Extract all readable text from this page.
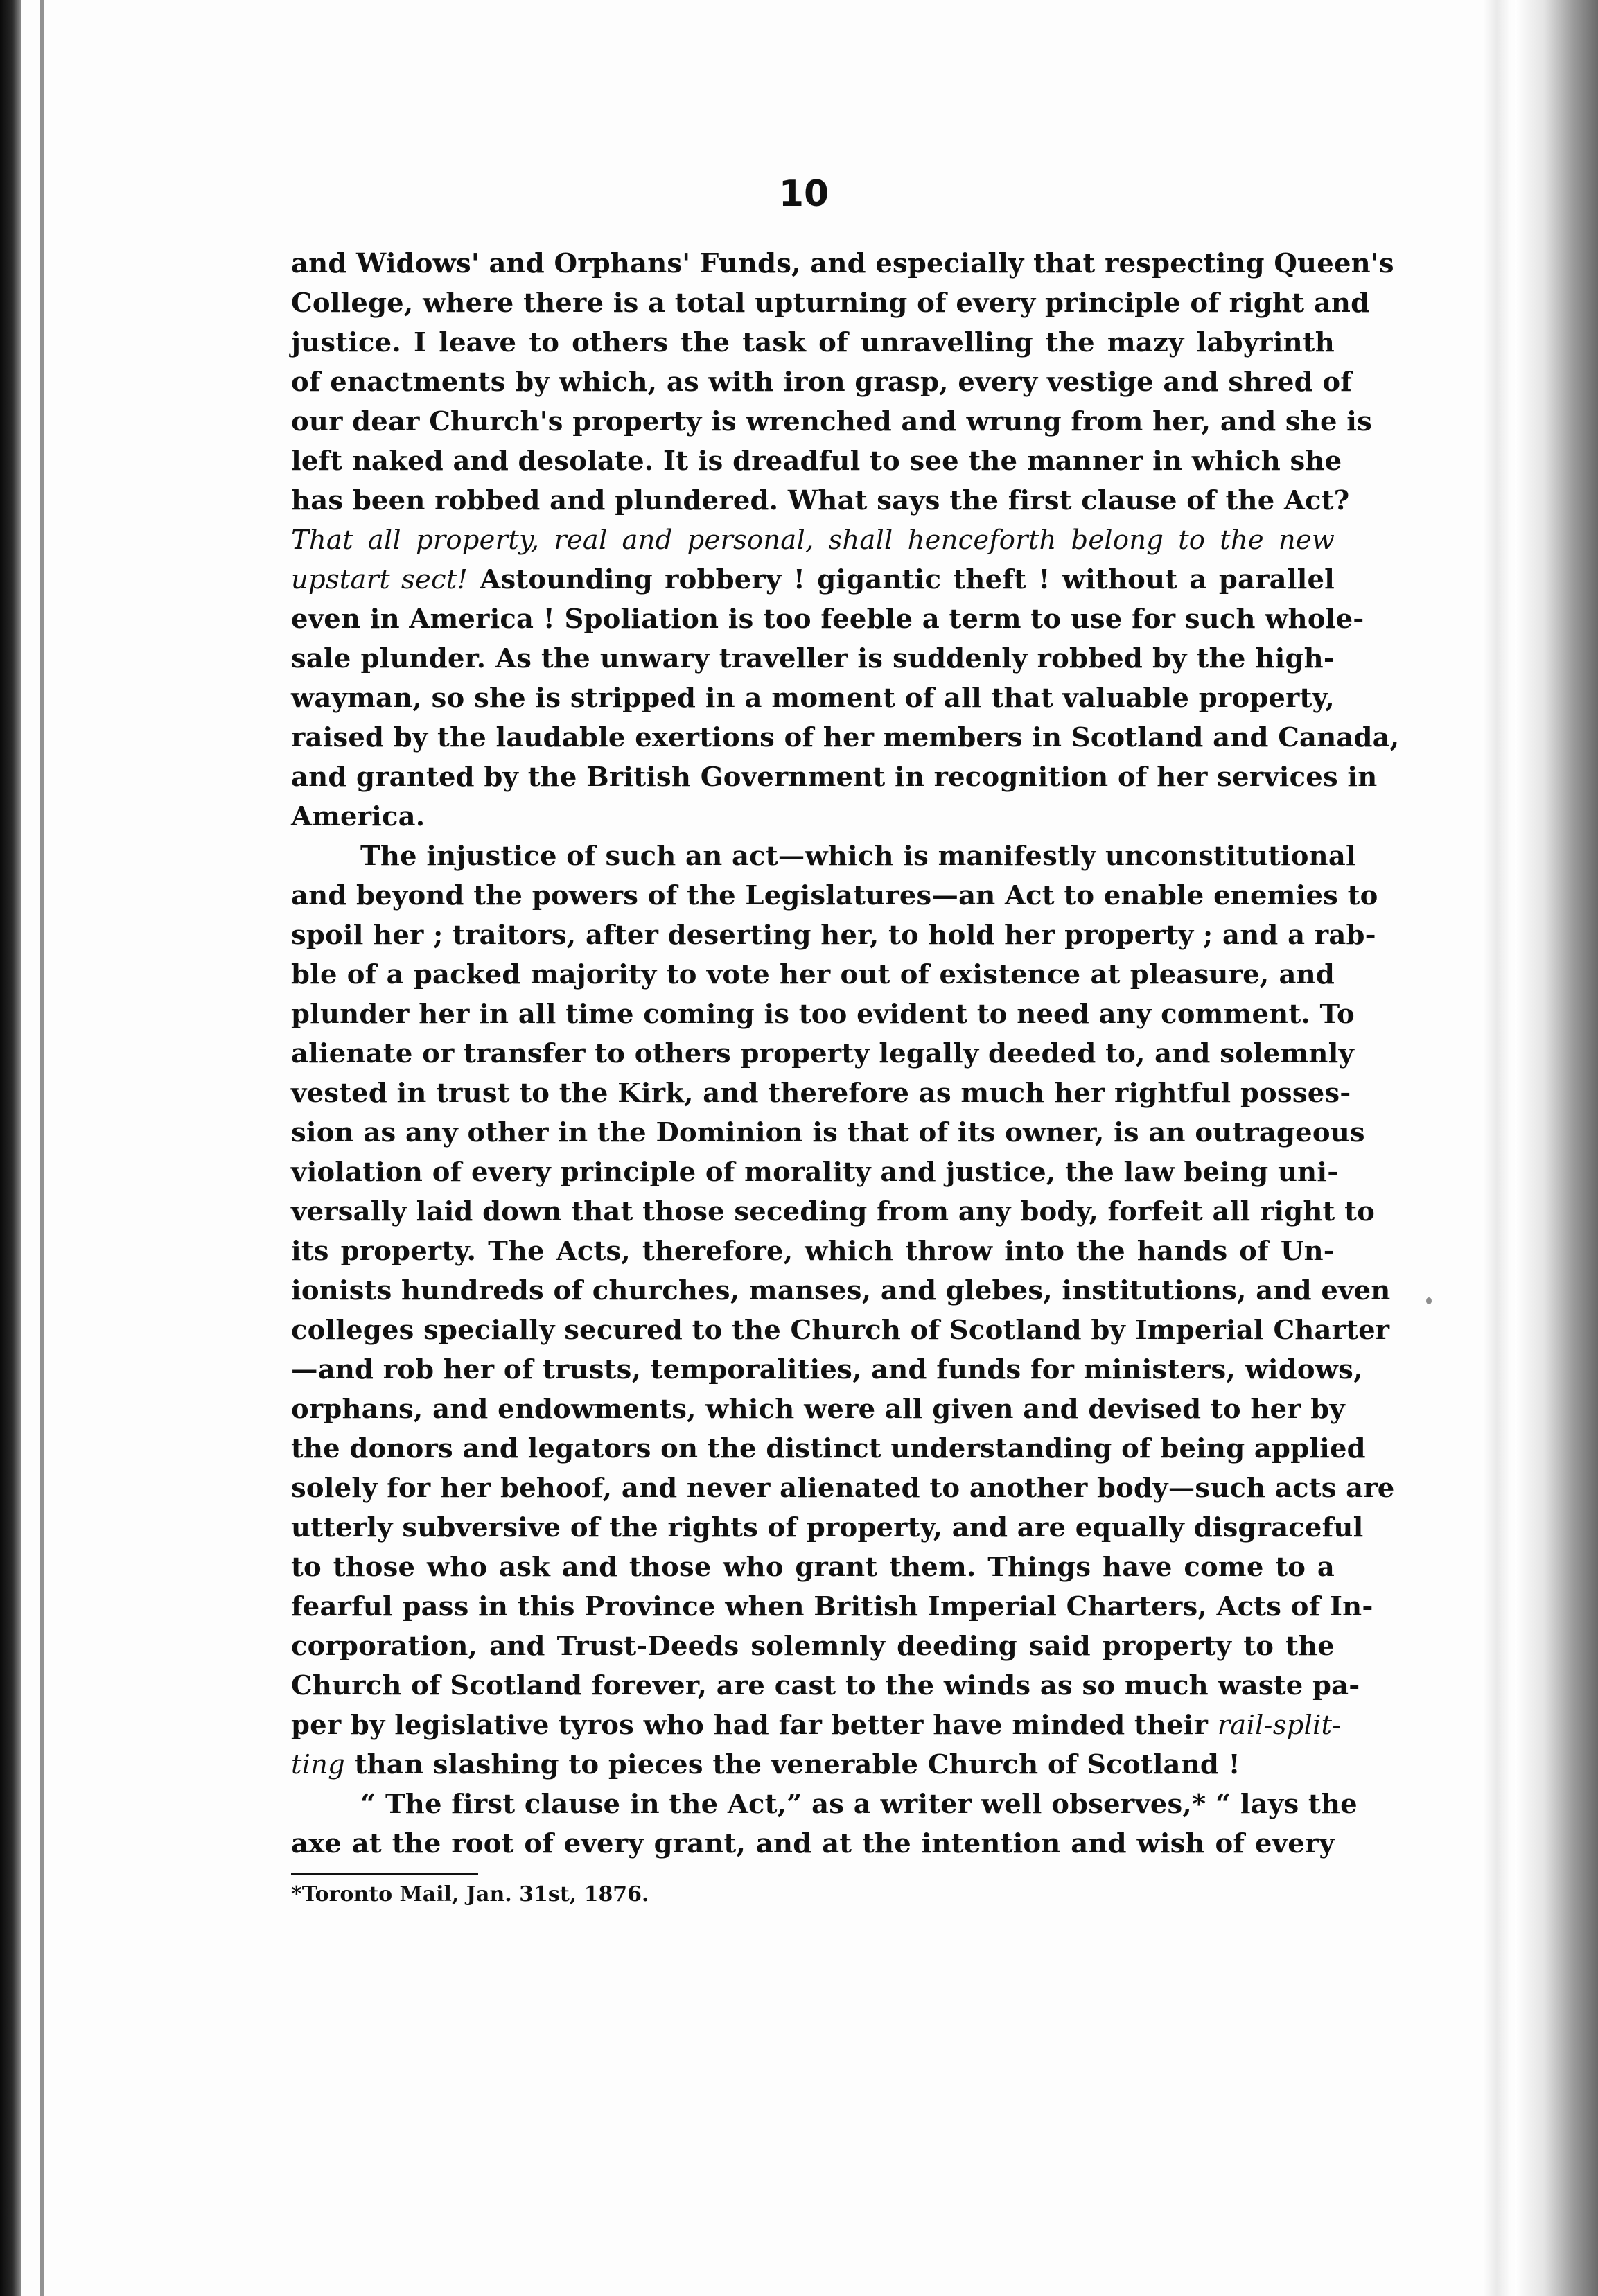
10
and Widows' and Orphans' Funds, and especially that respecting Queen's
College, where there is a total upturning of every principle of right and
justice. I leave to others the task of unravelling the mazy labyrinth
of enactments by which, as with iron grasp, every vestige and shred of
our dear Church's property is wrenched and wrung from her, and she is
left naked and desolate. It is dreadful to see the manner in which she
has been robbed and plundered. What says the first clause of the Act?
That all property, real and personal, shall henceforth belong to the new
upstart sect! Astounding robbery ! gigantic theft ! without a parallel
even in America ! Spoliation is too feeble a term to use for such whole-
sale plunder. As the unwary traveller is suddenly robbed by the high-
wayman, so she is stripped in a moment of all that valuable property,
raised by the laudable exertions of her members in Scotland and Canada,
and granted by the British Government in recognition of her services in
America.
The injustice of such an act—which is manifestly unconstitutional
and beyond the powers of the Legislatures—an Act to enable enemies to
spoil her ; traitors, after deserting her, to hold her property ; and a rab-
ble of a packed majority to vote her out of existence at pleasure, and
plunder her in all time coming is too evident to need any comment. To
alienate or transfer to others property legally deeded to, and solemnly
vested in trust to the Kirk, and therefore as much her rightful posses-
sion as any other in the Dominion is that of its owner, is an outrageous
violation of every principle of morality and justice, the law being uni-
versally laid down that those seceding from any body, forfeit all right to
its property. The Acts, therefore, which throw into the hands of Un-
ionists hundreds of churches, manses, and glebes, institutions, and even
colleges specially secured to the Church of Scotland by Imperial Charter
—and rob her of trusts, temporalities, and funds for ministers, widows,
orphans, and endowments, which were all given and devised to her by
the donors and legators on the distinct understanding of being applied
solely for her behoof, and never alienated to another body—such acts are
utterly subversive of the rights of property, and are equally disgraceful
to those who ask and those who grant them. Things have come to a
fearful pass in this Province when British Imperial Charters, Acts of In-
corporation, and Trust-Deeds solemnly deeding said property to the
Church of Scotland forever, are cast to the winds as so much waste pa-
per by legislative tyros who had far better have minded their rail-split-
ting than slashing to pieces the venerable Church of Scotland !
“ The first clause in the Act,” as a writer well observes,* “ lays the
axe at the root of every grant, and at the intention and wish of every
*Toronto Mail, Jan. 31st, 1876.
